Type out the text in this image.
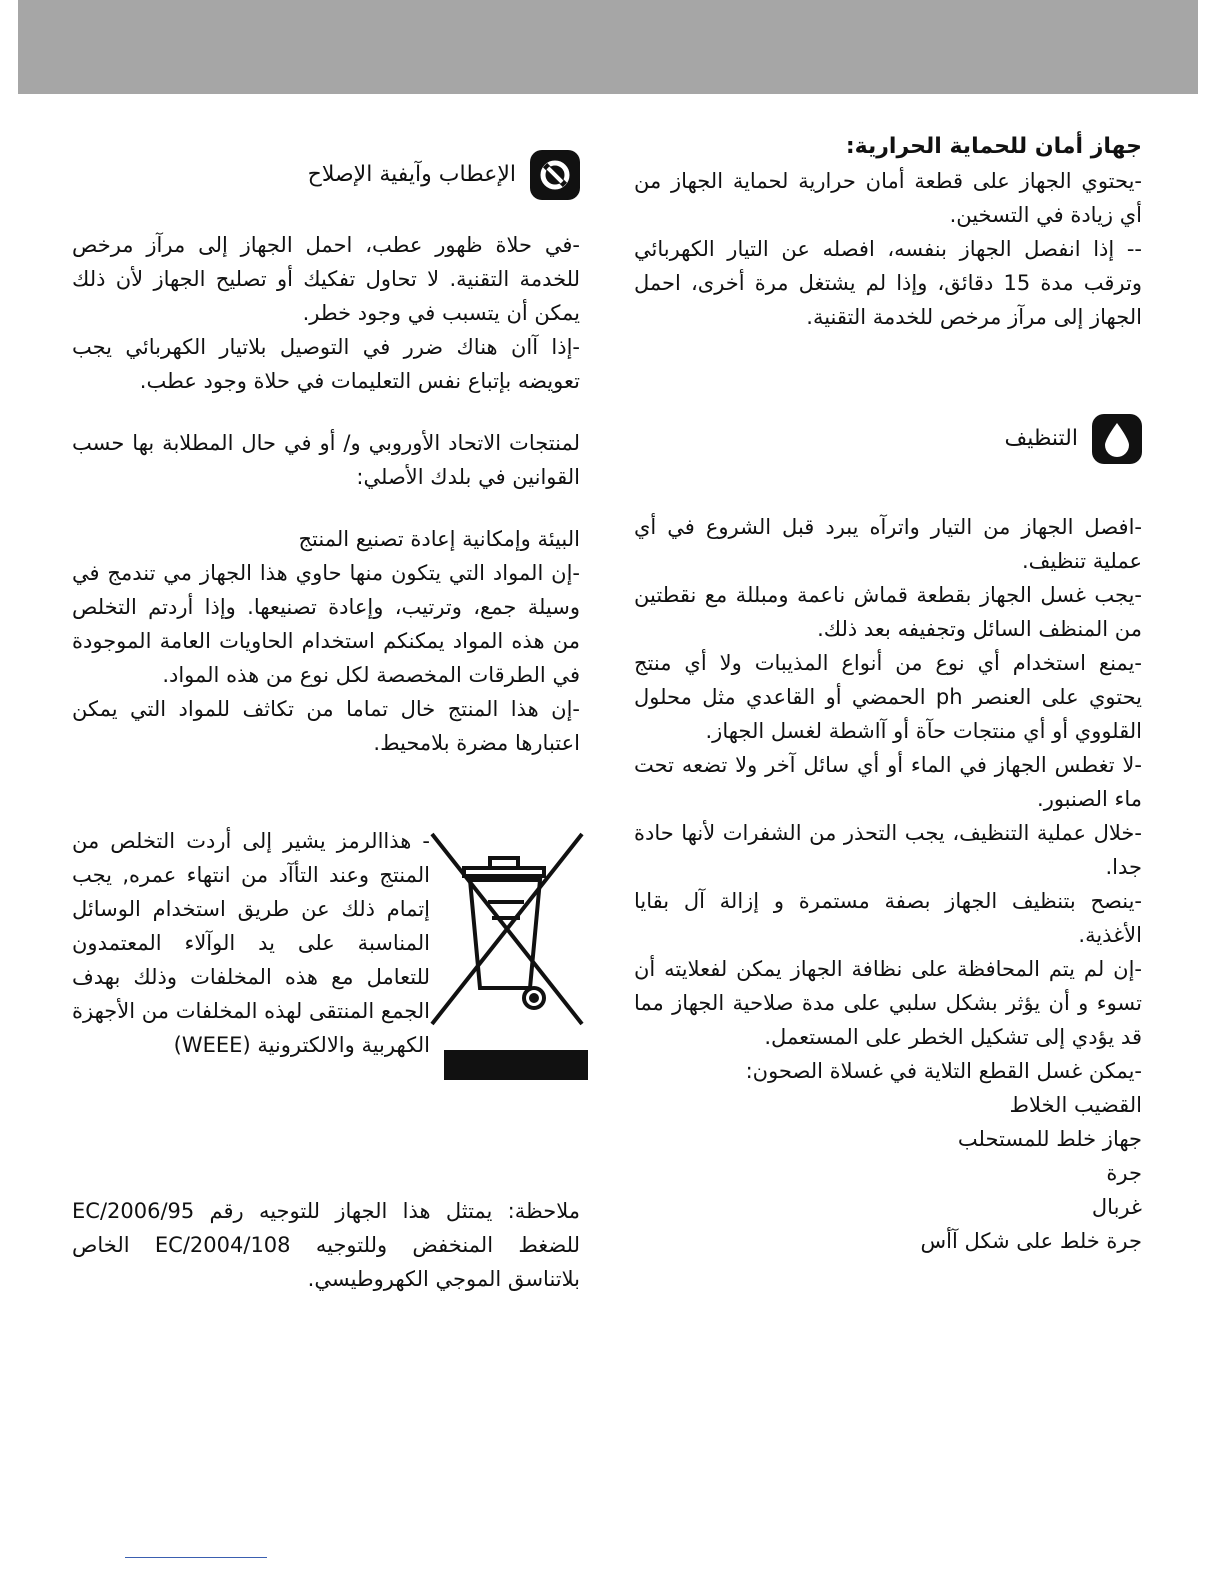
جهاز أمان للحماية الحرارية:

-يحتوي الجهاز على قطعة أمان حرارية لحماية الجهاز من أي زيادة في التسخين.

-- إذا انفصل الجهاز بنفسه، افصله عن التيار الكهربائي وترقب مدة 15 دقائق، وإذا لم يشتغل مرة أخرى، احمل الجهاز إلى مرآز مرخص للخدمة التقنية.

التنظيف

-افصل الجهاز من التيار واترآه يبرد قبل الشروع في أي عملية تنظيف.

-يجب غسل الجهاز بقطعة قماش ناعمة ومبللة مع نقطتين من المنظف السائل وتجفيفه بعد ذلك.

-يمنع استخدام أي نوع من أنواع المذيبات ولا أي منتج يحتوي على العنصر ph الحمضي أو القاعدي مثل محلول القلووي أو أي منتجات حآة أو آاشطة لغسل الجهاز.

-لا تغطس الجهاز في الماء أو أي سائل آخر ولا تضعه تحت ماء الصنبور.

-خلال عملية التنظيف، يجب التحذر من الشفرات لأنها حادة جدا.

-ينصح بتنظيف الجهاز بصفة مستمرة و إزالة آل بقايا الأغذية.

-إن لم يتم المحافظة على نظافة الجهاز يمكن لفعلايته أن تسوء و أن يؤثر بشكل سلبي على مدة صلاحية الجهاز مما قد يؤدي إلى تشكيل الخطر على المستعمل.

-يمكن غسل القطع التلاية في غسلاة الصحون:

القضيب الخلاط

جهاز خلط للمستحلب

جرة

غربال

جرة خلط على شكل آأس

الإعطاب وآيفية الإصلاح

-في حلاة ظهور عطب، احمل الجهاز إلى مرآز مرخص للخدمة التقنية. لا تحاول تفكيك أو تصليح الجهاز لأن ذلك يمكن أن يتسبب في وجود خطر.

-إذا آان هناك ضرر في التوصيل بلاتيار الكهربائي يجب تعويضه بإتباع نفس التعليمات في حلاة وجود عطب.

لمنتجات الاتحاد الأوروبي و/ أو في حال المطلابة بها حسب القوانين في بلدك الأصلي:

البيئة وإمكانية إعادة تصنيع المنتج

-إن المواد التي يتكون منها حاوي هذا الجهاز مي تندمج في وسيلة جمع، وترتيب، وإعادة تصنيعها. وإذا أردتم التخلص من هذه المواد يمكنكم استخدام الحاويات العامة الموجودة في الطرقات المخصصة لكل نوع من هذه المواد.

-إن هذا المنتج خال تماما من تكاثف للمواد التي يمكن اعتبارها مضرة بلامحيط.

- هذاالرمز يشير إلى أردت التخلص من المنتج وعند التأآد من انتهاء عمره, يجب إتمام ذلك عن طريق استخدام الوسائل المناسبة على يد الوآلاء المعتمدون للتعامل مع هذه المخلفات وذلك بهدف الجمع المنتقى لهذه المخلفات من الأجهزة الكهربية والالكترونية (WEEE)

ملاحظة: يمتثل هذا الجهاز للتوجيه رقم 2006/95/EC للضغط المنخفض وللتوجيه 2004/108/EC الخاص بلاتناسق الموجي الكهروطيسي.
